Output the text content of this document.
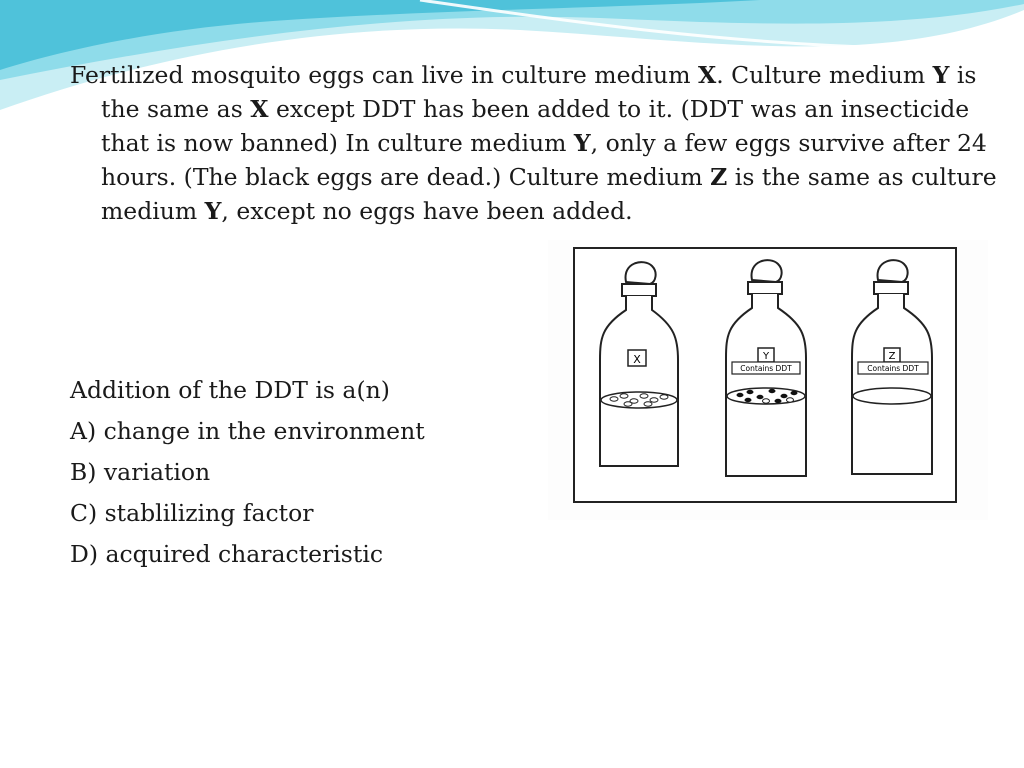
Fertilized mosquito eggs can live in culture medium X. Culture medium Y is the same as X except DDT has been added to it. (DDT was an insecticide that is now banned) In culture medium Y, only a few eggs survive after 24 hours. (The black eggs are dead.) Culture medium Z is the same as culture medium Y, except no eggs have been added.

X	Y
Contains DDT
Z
Contains DDT
Addition of the DDT is a(n)
A) change in the environment
B) variation
C) stablilizing factor
D) acquired characteristic
